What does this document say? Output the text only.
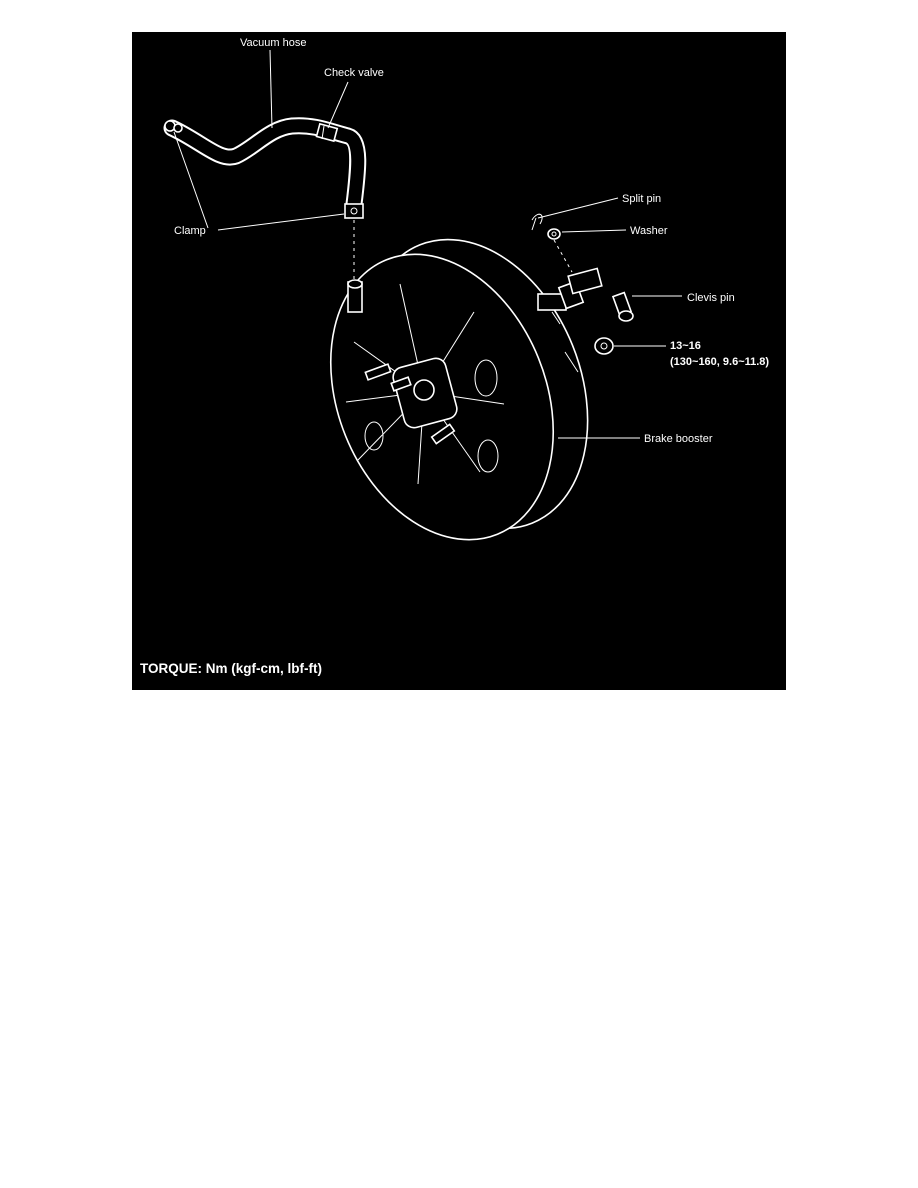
Vacuum hose
Check valve
Clamp
Split pin
Washer
Clevis pin
13~16
(130~160, 9.6~11.8)
Brake booster
TORQUE: Nm (kgf-cm, lbf-ft)
